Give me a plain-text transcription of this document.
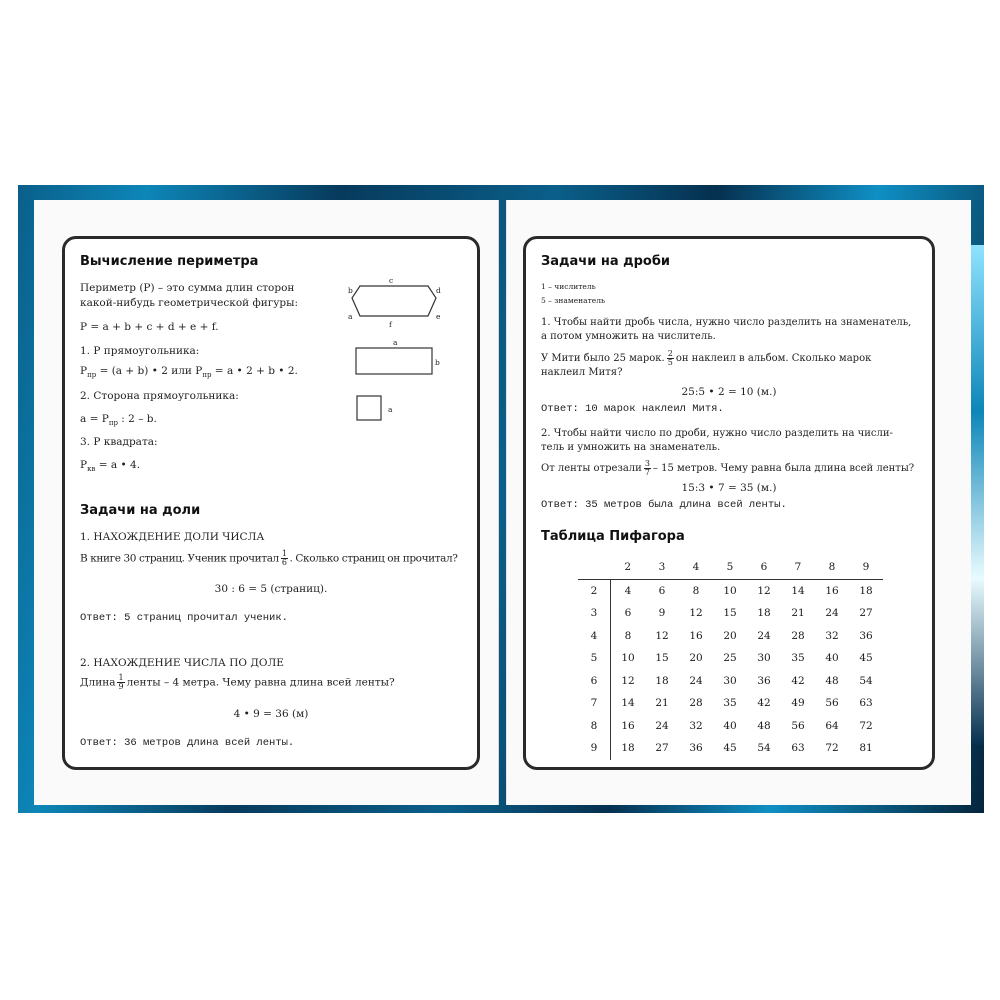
Вычисление периметра
Периметр (Р) – это сумма длин сторон
какой-нибудь геометрической фигуры:
P = a + b + c + d + e + f.
1. Р прямоугольника:
$P_{пр} = (a + b)$ • 2 или $P_{пр} = a$ • 2 + b • 2.
2. Сторона прямоугольника:
$a = P_{пр}$ : 2 – b.
3. Р квадрата:
$P_{кв} = a$ • 4.
c
b	d
a	e
f
a
b
a
Задачи на доли
1. НАХОЖДЕНИЕ ДОЛИ ЧИСЛА
В книге 30 страниц. Ученик прочитал $\frac{1}{6}$ . Сколько страниц он прочитал?
30 : 6 = 5 (страниц).
Ответ: 5 страниц прочитал ученик.
2. НАХОЖДЕНИЕ ЧИСЛА ПО ДОЛЕ
Длина $\frac{1}{9}$ ленты – 4 метра. Чему равна длина всей ленты?
4 • 9 = 36 (м)
Ответ: 36 метров длина всей ленты.
Задачи на дроби
1 – числитель
5 – знаменатель
1. Чтобы найти дробь числа, нужно число разделить на знаменатель,
а потом умножить на числитель.
У Мити было 25 марок. $\frac{2}{5}$ он наклеил в альбом. Сколько марок
наклеил Митя?
25:5 • 2 = 10 (м.)
Ответ: 10 марок наклеил Митя.
2. Чтобы найти число по дроби, нужно число разделить на числи-
тель и умножить на знаменатель.
От ленты отрезали $\frac{3}{7} - 15$ метров. Чему равна была длина всей ленты?
15:3 • 7 = 35 (м.)
Ответ: 35 метров была длина всей ленты.
Таблица Пифагора
	2	3	4	5	6	7	8	9
2	4	6	8	10	12	14	16	18
3	6	9	12	15	18	21	24	27
4	8	12	16	20	24	28	32	36
5	10	15	20	25	30	35	40	45
6	12	18	24	30	36	42	48	54
7	14	21	28	35	42	49	56	63
8	16	24	32	40	48	56	64	72
9	18	27	36	45	54	63	72	81
